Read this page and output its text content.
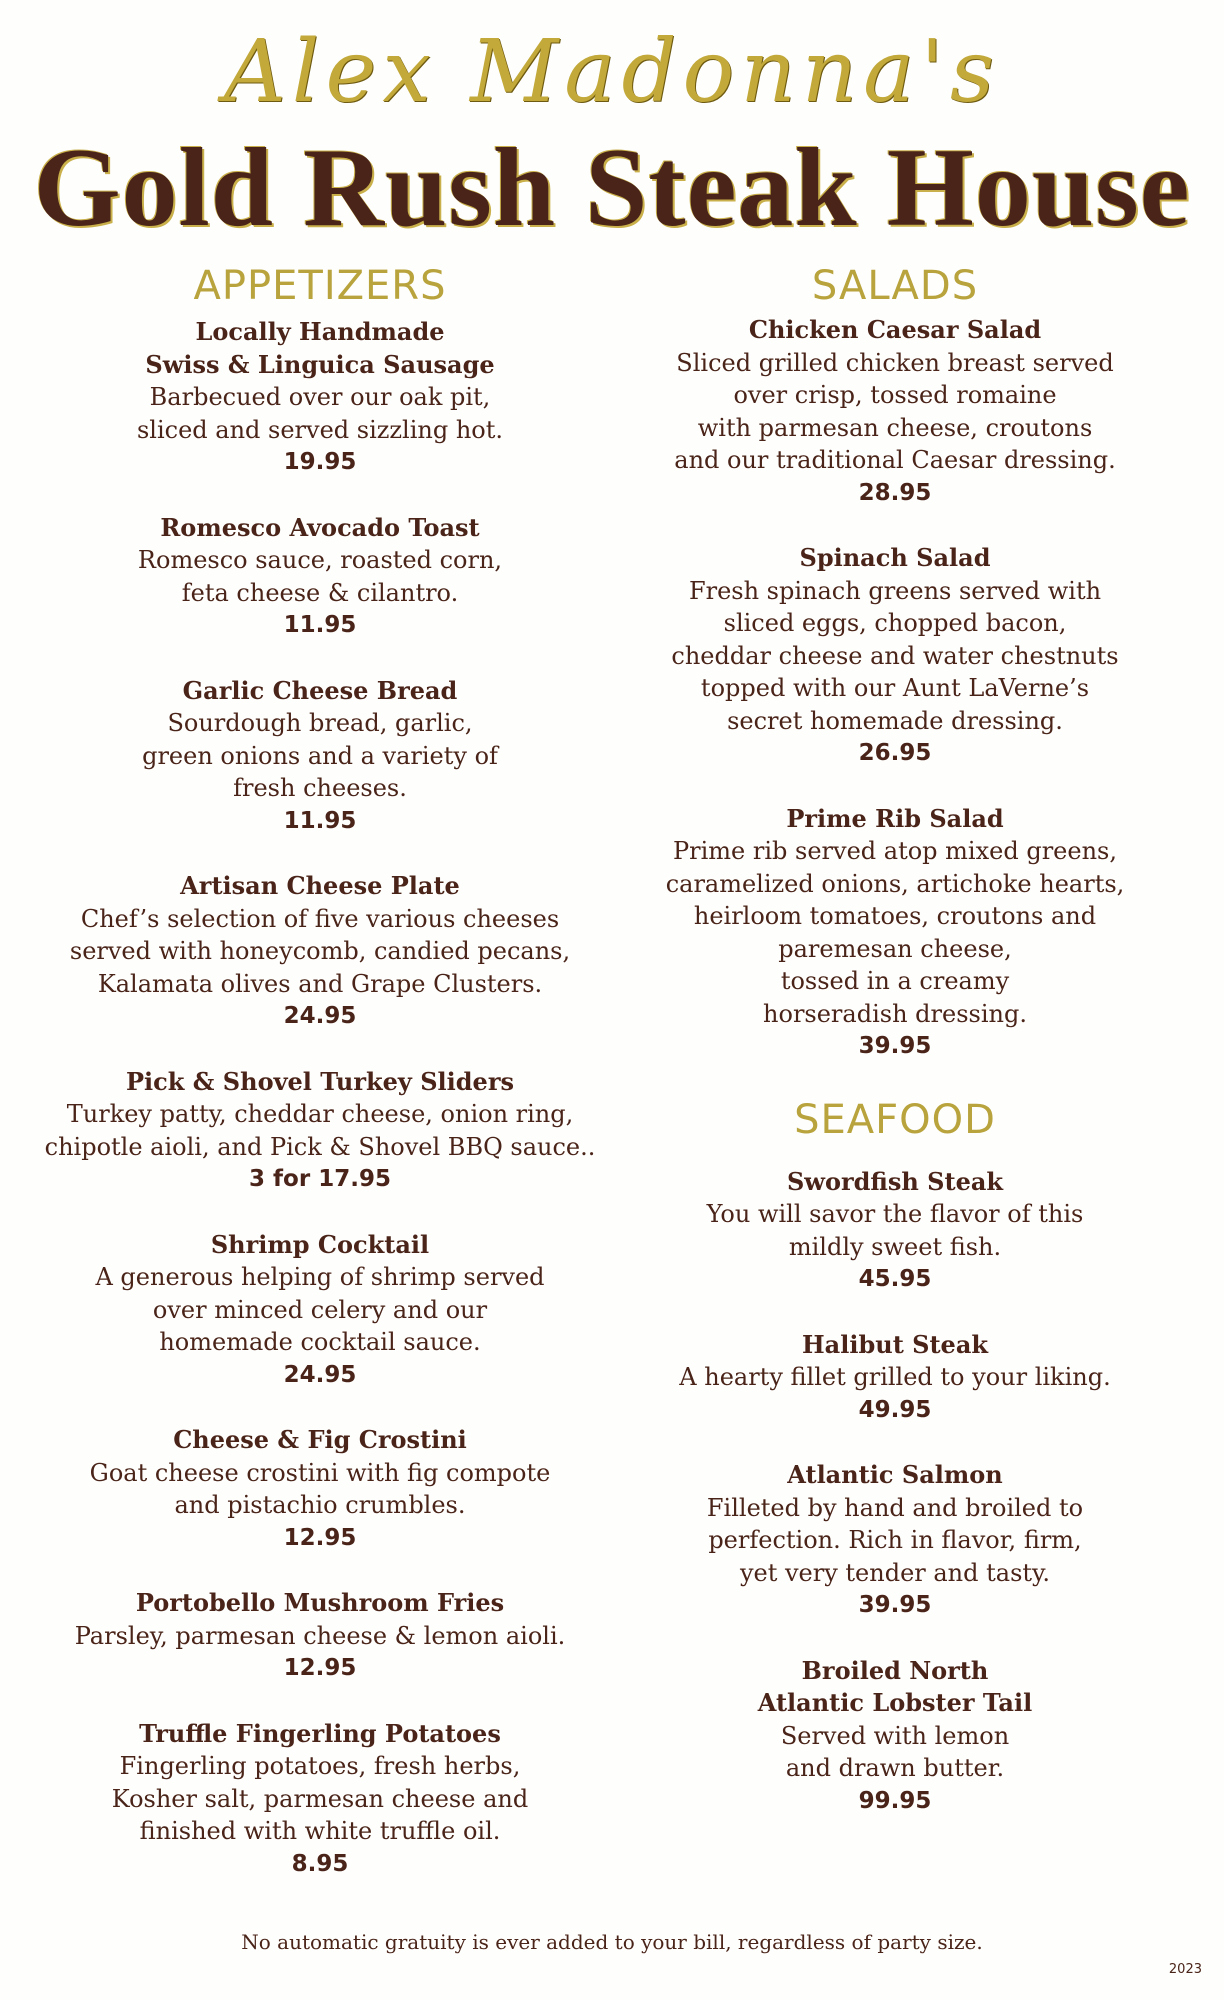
Alex Madonna's
Gold Rush Steak House
APPETIZERS
Locally Handmade
Swiss & Linguica Sausage
Barbecued over our oak pit,
sliced and served sizzling hot.
19.95
Romesco Avocado Toast
Romesco sauce, roasted corn,
feta cheese & cilantro.
11.95
Garlic Cheese Bread
Sourdough bread, garlic,
green onions and a variety of
fresh cheeses.
11.95
Artisan Cheese Plate
Chef’s selection of five various cheeses
served with honeycomb, candied pecans,
Kalamata olives and Grape Clusters.
24.95
Pick & Shovel Turkey Sliders
Turkey patty, cheddar cheese, onion ring,
chipotle aioli, and Pick & Shovel BBQ sauce..
3 for 17.95
Shrimp Cocktail
A generous helping of shrimp served
over minced celery and our
homemade cocktail sauce.
24.95
Cheese & Fig Crostini
Goat cheese crostini with fig compote
and pistachio crumbles.
12.95
Portobello Mushroom Fries
Parsley, parmesan cheese & lemon aioli.
12.95
Truffle Fingerling Potatoes
Fingerling potatoes, fresh herbs,
Kosher salt, parmesan cheese and
finished with white truffle oil.
8.95
SALADS
Chicken Caesar Salad
Sliced grilled chicken breast served
over crisp, tossed romaine
with parmesan cheese, croutons
and our traditional Caesar dressing.
28.95
Spinach Salad
Fresh spinach greens served with
sliced eggs, chopped bacon,
cheddar cheese and water chestnuts
topped with our Aunt LaVerne’s
secret homemade dressing.
26.95
Prime Rib Salad
Prime rib served atop mixed greens,
caramelized onions, artichoke hearts,
heirloom tomatoes, croutons and
paremesan cheese,
tossed in a creamy
horseradish dressing.
39.95
SEAFOOD
Swordfish Steak
You will savor the flavor of this
mildly sweet fish.
45.95
Halibut Steak
A hearty fillet grilled to your liking.
49.95
Atlantic Salmon
Filleted by hand and broiled to
perfection. Rich in flavor, firm,
yet very tender and tasty.
39.95
Broiled North
Atlantic Lobster Tail
Served with lemon
and drawn butter.
99.95
No automatic gratuity is ever added to your bill, regardless of party size.
2023
